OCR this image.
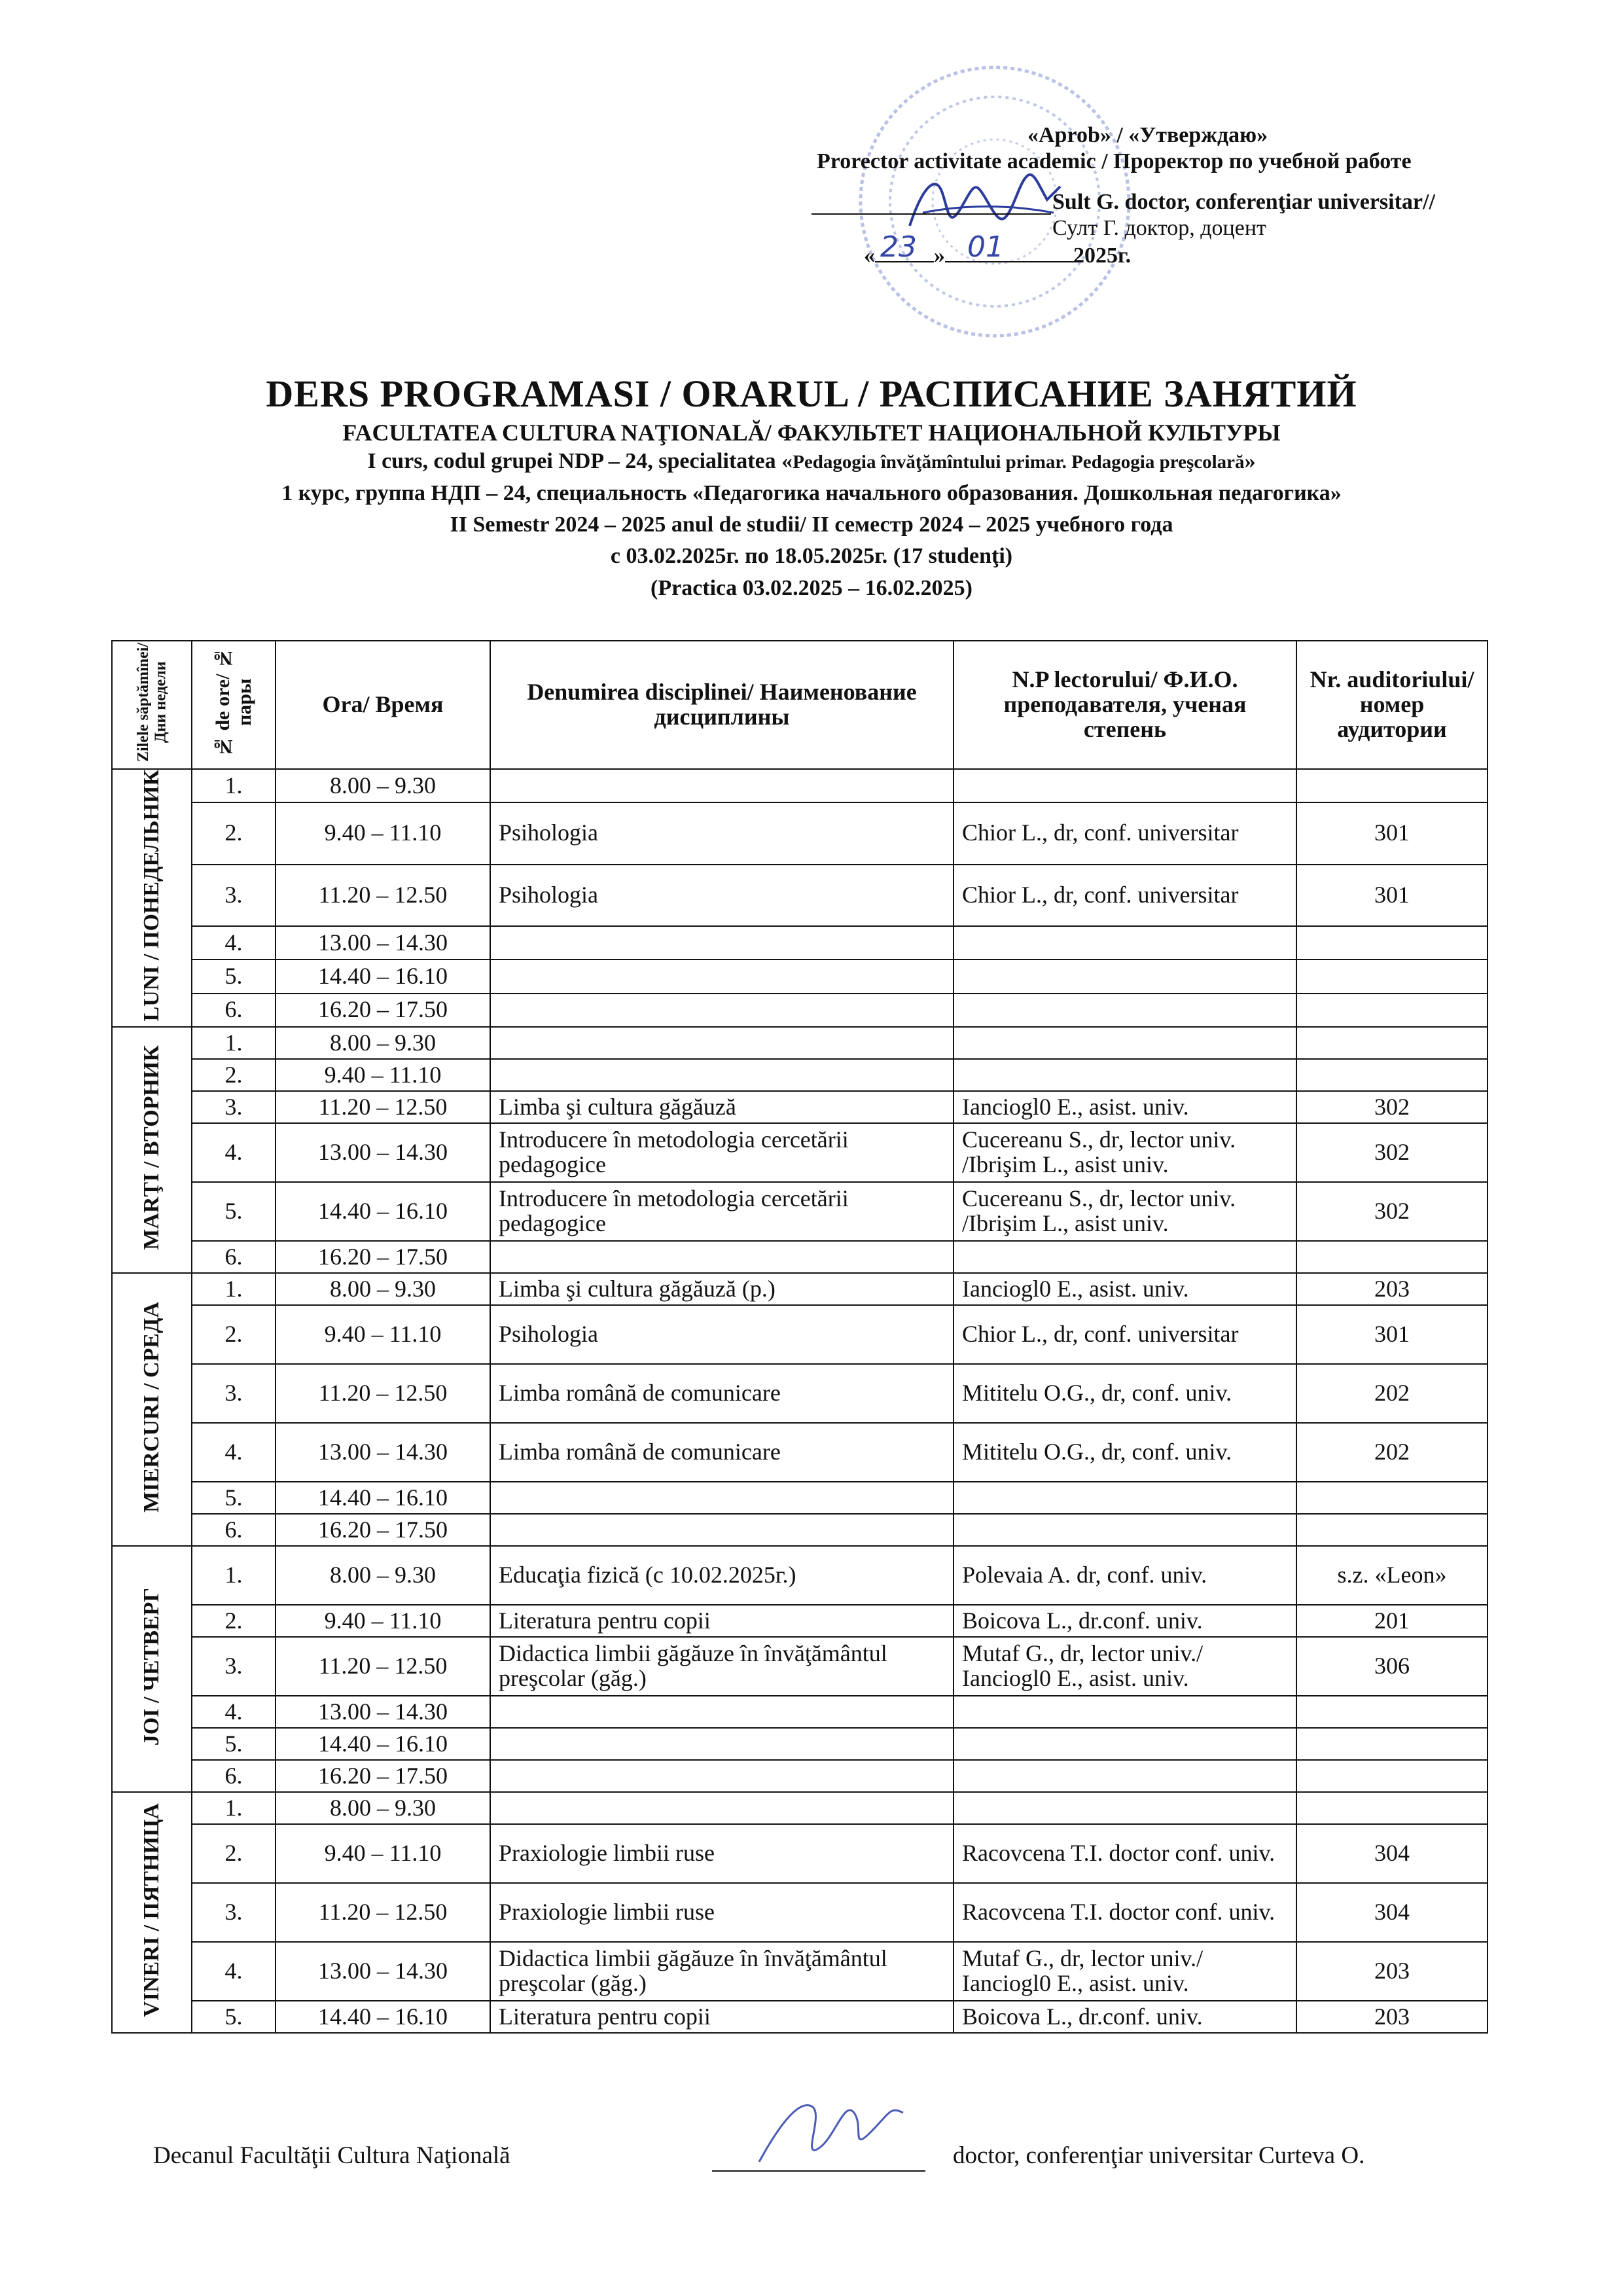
«Aprob» / «Утверждаю»
Prorector activitate academic / Проректор по учебной работе
Sult G. doctor, conferenţiar universitar//
Султ Г. доктор, доцент
«	»	2025г.
23 01
DERS PROGRAMASI / ORARUL / РАСПИСАНИЕ ЗАНЯТИЙ
FACULTATEA CULTURA NAŢIONALĂ/ ФАКУЛЬТЕТ НАЦИОНАЛЬНОЙ КУЛЬТУРЫ
I curs, codul grupei NDP – 24, specialitatea «Pedagogia învăţămîntului primar. Pedagogia preşcolară»
1 курс, группа НДП – 24, специальность «Педагогика начального образования. Дошкольная педагогика»
II Semestr 2024 – 2025 anul de studii/ II семестр 2024 – 2025 учебного года
с 03.02.2025г. по 18.05.2025г. (17 studenţi)
(Practica 03.02.2025 – 16.02.2025)
Zilele săptămînei/ Дни недели	№ de ore/ № пары	Ora/ Время	Denumirea disciplinei/ Наименование дисциплины	N.P lectorului/ Ф.И.О. преподавателя, ученая степень	Nr. auditoriului/ номер аудитории
LUNI / ПОНЕДЕЛЬНИК	1.	8.00 – 9.30			
	2.	9.40 – 11.10	Psihologia	Chior L., dr, conf. universitar	301
	3.	11.20 – 12.50	Psihologia	Chior L., dr, conf. universitar	301
	4.	13.00 – 14.30			
	5.	14.40 – 16.10			
	6.	16.20 – 17.50			
MARŢI / ВТОРНИК	1.	8.00 – 9.30			
	2.	9.40 – 11.10			
	3.	11.20 – 12.50	Limba şi cultura găgăuză	Ianciogl0 E., asist. univ.	302
	4.	13.00 – 14.30	Introducere în metodologia cercetării pedagogice	Cucereanu S., dr, lector univ. /Ibrişim L., asist univ.	302
	5.	14.40 – 16.10	Introducere în metodologia cercetării pedagogice	Cucereanu S., dr, lector univ. /Ibrişim L., asist univ.	302
	6.	16.20 – 17.50			
MIERCURI / СРЕДА	1.	8.00 – 9.30	Limba şi cultura găgăuză (p.)	Ianciogl0 E., asist. univ.	203
	2.	9.40 – 11.10	Psihologia	Chior L., dr, conf. universitar	301
	3.	11.20 – 12.50	Limba română de comunicare	Mititelu O.G., dr, conf. univ.	202
	4.	13.00 – 14.30	Limba română de comunicare	Mititelu O.G., dr, conf. univ.	202
	5.	14.40 – 16.10			
	6.	16.20 – 17.50			
JOI / ЧЕТВЕРГ	1.	8.00 – 9.30	Educaţia fizică (c 10.02.2025г.)	Polevaia A. dr, conf. univ.	s.z. «Leon»
	2.	9.40 – 11.10	Literatura pentru copii	Boicova L., dr.conf. univ.	201
	3.	11.20 – 12.50	Didactica limbii găgăuze în învăţământul preşcolar (găg.)	Mutaf G., dr, lector univ./ Ianciogl0 E., asist. univ.	306
	4.	13.00 – 14.30			
	5.	14.40 – 16.10			
	6.	16.20 – 17.50			
VINERI / ПЯТНИЦА	1.	8.00 – 9.30			
	2.	9.40 – 11.10	Praxiologie limbii ruse	Racovcena T.I. doctor conf. univ.	304
	3.	11.20 – 12.50	Praxiologie limbii ruse	Racovcena T.I. doctor conf. univ.	304
	4.	13.00 – 14.30	Didactica limbii găgăuze în învăţământul preşcolar (găg.)	Mutaf G., dr, lector univ./ Ianciogl0 E., asist. univ.	203
	5.	14.40 – 16.10	Literatura pentru copii	Boicova L., dr.conf. univ.	203
Decanul Facultăţii Cultura Naţională	doctor, conferenţiar universitar Curteva O.
